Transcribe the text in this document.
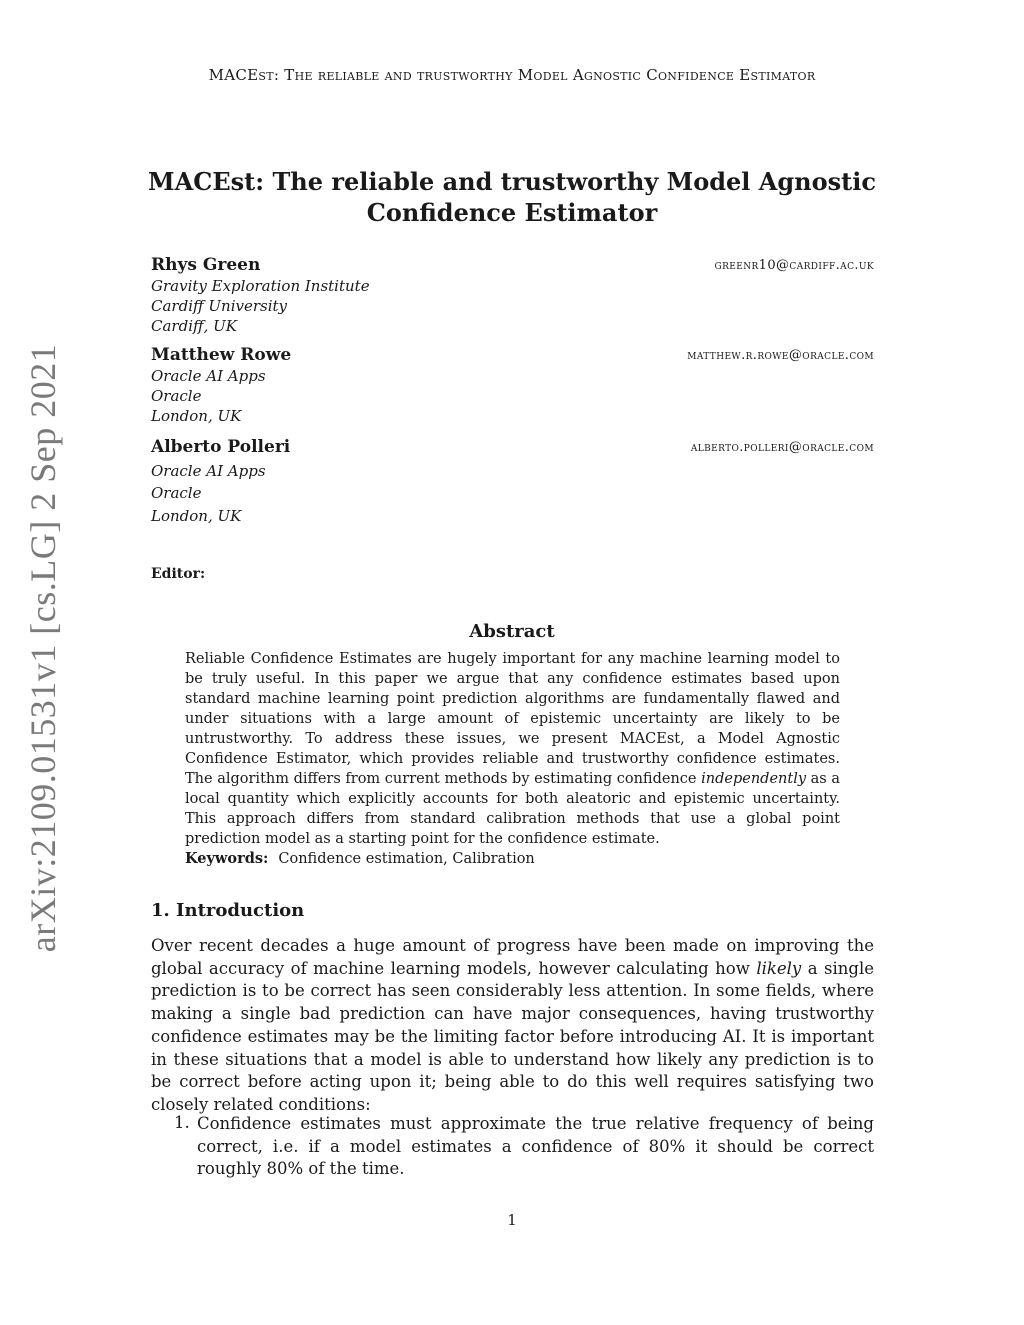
MACEst: The reliable and trustworthy Model Agnostic Confidence Estimator
MACEst: The reliable and trustworthy Model Agnostic
Confidence Estimator
Rhys Green	greenr10@cardiff.ac.uk
Gravity Exploration Institute
Cardiff University
Cardiff, UK
Matthew Rowe	matthew.r.rowe@oracle.com
Oracle AI Apps
Oracle
London, UK
Alberto Polleri	alberto.polleri@oracle.com
Oracle AI Apps
Oracle
London, UK
Editor:
Abstract
Reliable Confidence Estimates are hugely important for any machine learning model to be truly useful. In this paper we argue that any confidence estimates based upon standard machine learning point prediction algorithms are fundamentally flawed and under situations with a large amount of epistemic uncertainty are likely to be untrustworthy. To address these issues, we present MACEst, a Model Agnostic Confidence Estimator, which provides reliable and trustworthy confidence estimates. The algorithm differs from current methods by estimating confidence independently as a local quantity which explicitly accounts for both aleatoric and epistemic uncertainty. This approach differs from standard calibration methods that use a global point prediction model as a starting point for the confidence estimate.
Keywords: Confidence estimation, Calibration
1. Introduction
Over recent decades a huge amount of progress have been made on improving the global accuracy of machine learning models, however calculating how likely a single prediction is to be correct has seen considerably less attention. In some fields, where making a single bad prediction can have major consequences, having trustworthy confidence estimates may be the limiting factor before introducing AI. It is important in these situations that a model is able to understand how likely any prediction is to be correct before acting upon it; being able to do this well requires satisfying two closely related conditions:
1. Confidence estimates must approximate the true relative frequency of being correct, i.e. if a model estimates a confidence of 80% it should be correct roughly 80% of the time.
1
arXiv:2109.01531v1 [cs.LG] 2 Sep 2021
